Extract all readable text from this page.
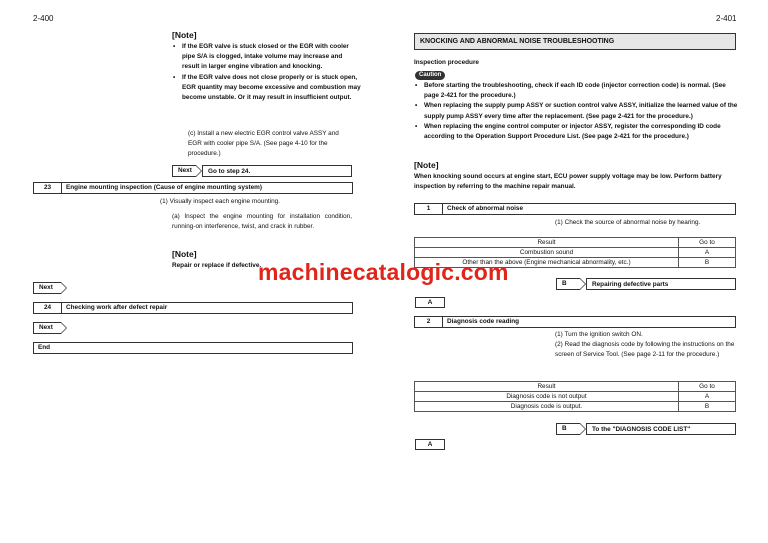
2-400
[Note]
• If the EGR valve is stuck closed or the EGR with cooler pipe S/A is clogged, intake volume may increase and result in larger engine vibration and knocking.
• If the EGR valve does not close properly or is stuck open, EGR quantity may become excessive and combustion may become unstable. Or it may result in insufficient output.
(c) Install a new electric EGR control valve ASSY and EGR with cooler pipe S/A. (See page 4-10 for the procedure.)
Next	Go to step 24.
23	Engine mounting inspection (Cause of engine mounting system)
(1) Visually inspect each engine mounting.
(a) Inspect the engine mounting for installation condition, running-on interference, twist, and crack in rubber.
[Note]
Repair or replace if defective.
Next
24	Checking work after defect repair
Next
End
2-401
KNOCKING AND ABNORMAL NOISE TROUBLESHOOTING
Inspection procedure
Caution
• Before starting the troubleshooting, check if each ID code (injector correction code) is normal. (See page 2-421 for the procedure.)
• When replacing the supply pump ASSY or suction control valve ASSY, initialize the learned value of the supply pump ASSY every time after the replacement. (See page 2-421 for the procedure.)
• When replacing the engine control computer or injector ASSY, register the corresponding ID code according to the Operation Support Procedure List. (See page 2-421 for the procedure.)
[Note]
When knocking sound occurs at engine start, ECU power supply voltage may be low. Perform battery inspection by referring to the machine repair manual.
1	Check of abnormal noise
(1) Check the source of abnormal noise by hearing.
Result	Go to
Combustion sound	A
Other than the above (Engine mechanical abnormality, etc.)	B
B	Repairing defective parts
A
2	Diagnosis code reading
(1) Turn the ignition switch ON.
(2) Read the diagnosis code by following the instructions on the screen of Service Tool. (See page 2-11 for the procedure.)
Result	Go to
Diagnosis code is not output	A
Diagnosis code is output.	B
B	To the "DIAGNOSIS CODE LIST"
A
machinecatalogic.com
